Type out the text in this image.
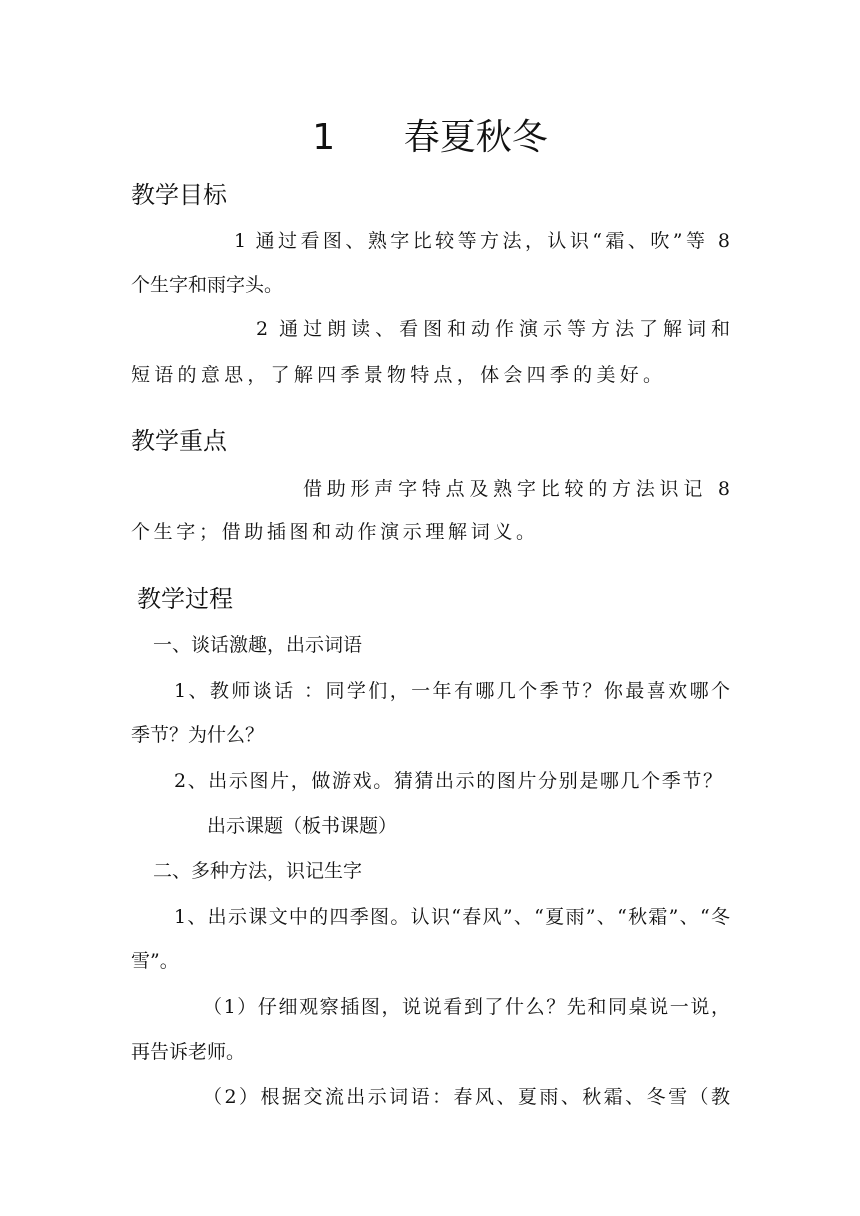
1      春夏秋冬
教学目标
1 通过看图、熟字比较等方法，认识“霜、吹”等 8
个生字和雨字头。
2 通过朗读、看图和动作演示等方法了解词和
短语的意思，了解四季景物特点，体会四季的美好。
教学重点
借助形声字特点及熟字比较的方法识记 8
个生字；借助插图和动作演示理解词义。
教学过程
一、谈话激趣，出示词语
1、教师谈话 ：同学们，一年有哪几个季节？你最喜欢哪个
季节？为什么？
2、出示图片，做游戏。猜猜出示的图片分别是哪几个季节？
出示课题（板书课题）
二、多种方法，识记生字
1、出示课文中的四季图。认识“春风”、“夏雨”、“秋霜”、“冬
雪”。
（1）仔细观察插图，说说看到了什么？先和同桌说一说，
再告诉老师。
（2）根据交流出示词语：春风、夏雨、秋霜、冬雪（教
